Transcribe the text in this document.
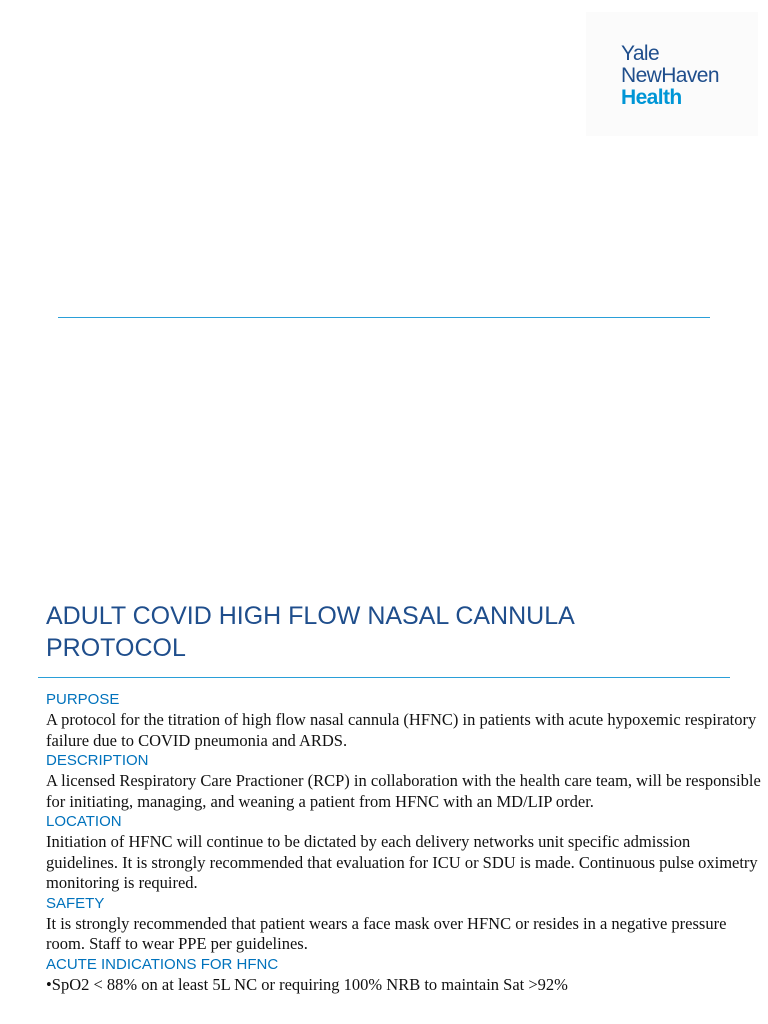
Yale
NewHaven
Health
ADULT COVID HIGH FLOW NASAL CANNULA PROTOCOL
PURPOSE
A protocol for the titration of high flow nasal cannula (HFNC) in patients with acute hypoxemic respiratory failure due to COVID pneumonia and ARDS.
DESCRIPTION
A licensed Respiratory Care Practioner (RCP) in collaboration with the health care team, will be responsible for initiating, managing, and weaning a patient from HFNC with an MD/LIP order.
LOCATION
Initiation of HFNC will continue to be dictated by each delivery networks unit specific admission guidelines. It is strongly recommended that evaluation for ICU or SDU is made. Continuous pulse oximetry monitoring is required.
SAFETY
It is strongly recommended that patient wears a face mask over HFNC or resides in a negative pressure room. Staff to wear PPE per guidelines.
ACUTE INDICATIONS FOR HFNC
•SpO2 < 88% on at least 5L NC or requiring 100% NRB to maintain Sat >92%
